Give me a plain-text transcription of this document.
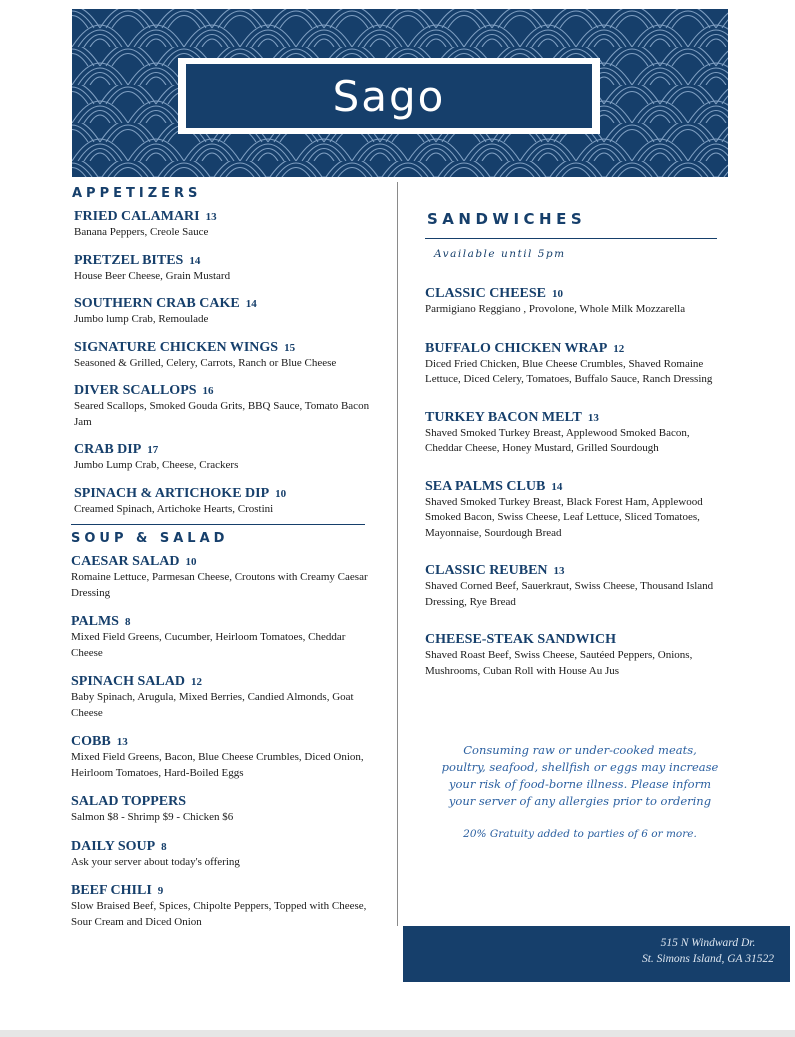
Sago
APPETIZERS
FRIED CALAMARI 13
Banana Peppers, Creole Sauce
PRETZEL BITES 14
House Beer Cheese, Grain Mustard
SOUTHERN CRAB CAKE 14
Jumbo lump Crab, Remoulade
SIGNATURE CHICKEN WINGS 15
Seasoned & Grilled, Celery, Carrots, Ranch or Blue Cheese
DIVER SCALLOPS 16
Seared Scallops, Smoked Gouda Grits, BBQ Sauce, Tomato Bacon Jam
CRAB DIP 17
Jumbo Lump Crab, Cheese, Crackers
SPINACH & ARTICHOKE DIP 10
Creamed Spinach, Artichoke Hearts, Crostini
SOUP & SALAD
CAESAR SALAD 10
Romaine Lettuce, Parmesan Cheese, Croutons with Creamy Caesar Dressing
PALMS 8
Mixed Field Greens, Cucumber, Heirloom Tomatoes, Cheddar Cheese
SPINACH SALAD 12
Baby Spinach, Arugula, Mixed Berries, Candied Almonds, Goat Cheese
COBB 13
Mixed Field Greens, Bacon, Blue Cheese Crumbles, Diced Onion, Heirloom Tomatoes, Hard-Boiled Eggs
SALAD TOPPERS
Salmon $8 - Shrimp $9 - Chicken $6
DAILY SOUP 8
Ask your server about today's offering
BEEF CHILI 9
Slow Braised Beef, Spices, Chipolte Peppers, Topped with Cheese, Sour Cream and Diced Onion
SANDWICHES
Available until 5pm
CLASSIC CHEESE 10
Parmigiano Reggiano , Provolone, Whole Milk Mozzarella
BUFFALO CHICKEN WRAP 12
Diced Fried Chicken, Blue Cheese Crumbles, Shaved Romaine Lettuce, Diced Celery, Tomatoes, Buffalo Sauce, Ranch Dressing
TURKEY BACON MELT 13
Shaved Smoked Turkey Breast, Applewood Smoked Bacon, Cheddar Cheese, Honey Mustard, Grilled Sourdough
SEA PALMS CLUB 14
Shaved Smoked Turkey Breast, Black Forest Ham, Applewood Smoked Bacon, Swiss Cheese, Leaf Lettuce, Sliced Tomatoes, Mayonnaise, Sourdough Bread
CLASSIC REUBEN 13
Shaved Corned Beef, Sauerkraut, Swiss Cheese, Thousand Island Dressing, Rye Bread
CHEESE-STEAK SANDWICH
Shaved Roast Beef, Swiss Cheese, Sautéed Peppers, Onions, Mushrooms, Cuban Roll with House Au Jus
Consuming raw or under-cooked meats, poultry, seafood, shellfish or eggs may increase your risk of food-borne illness. Please inform your server of any allergies prior to ordering
20% Gratuity added to parties of 6 or more.
515 N Windward Dr.
St. Simons Island, GA 31522
